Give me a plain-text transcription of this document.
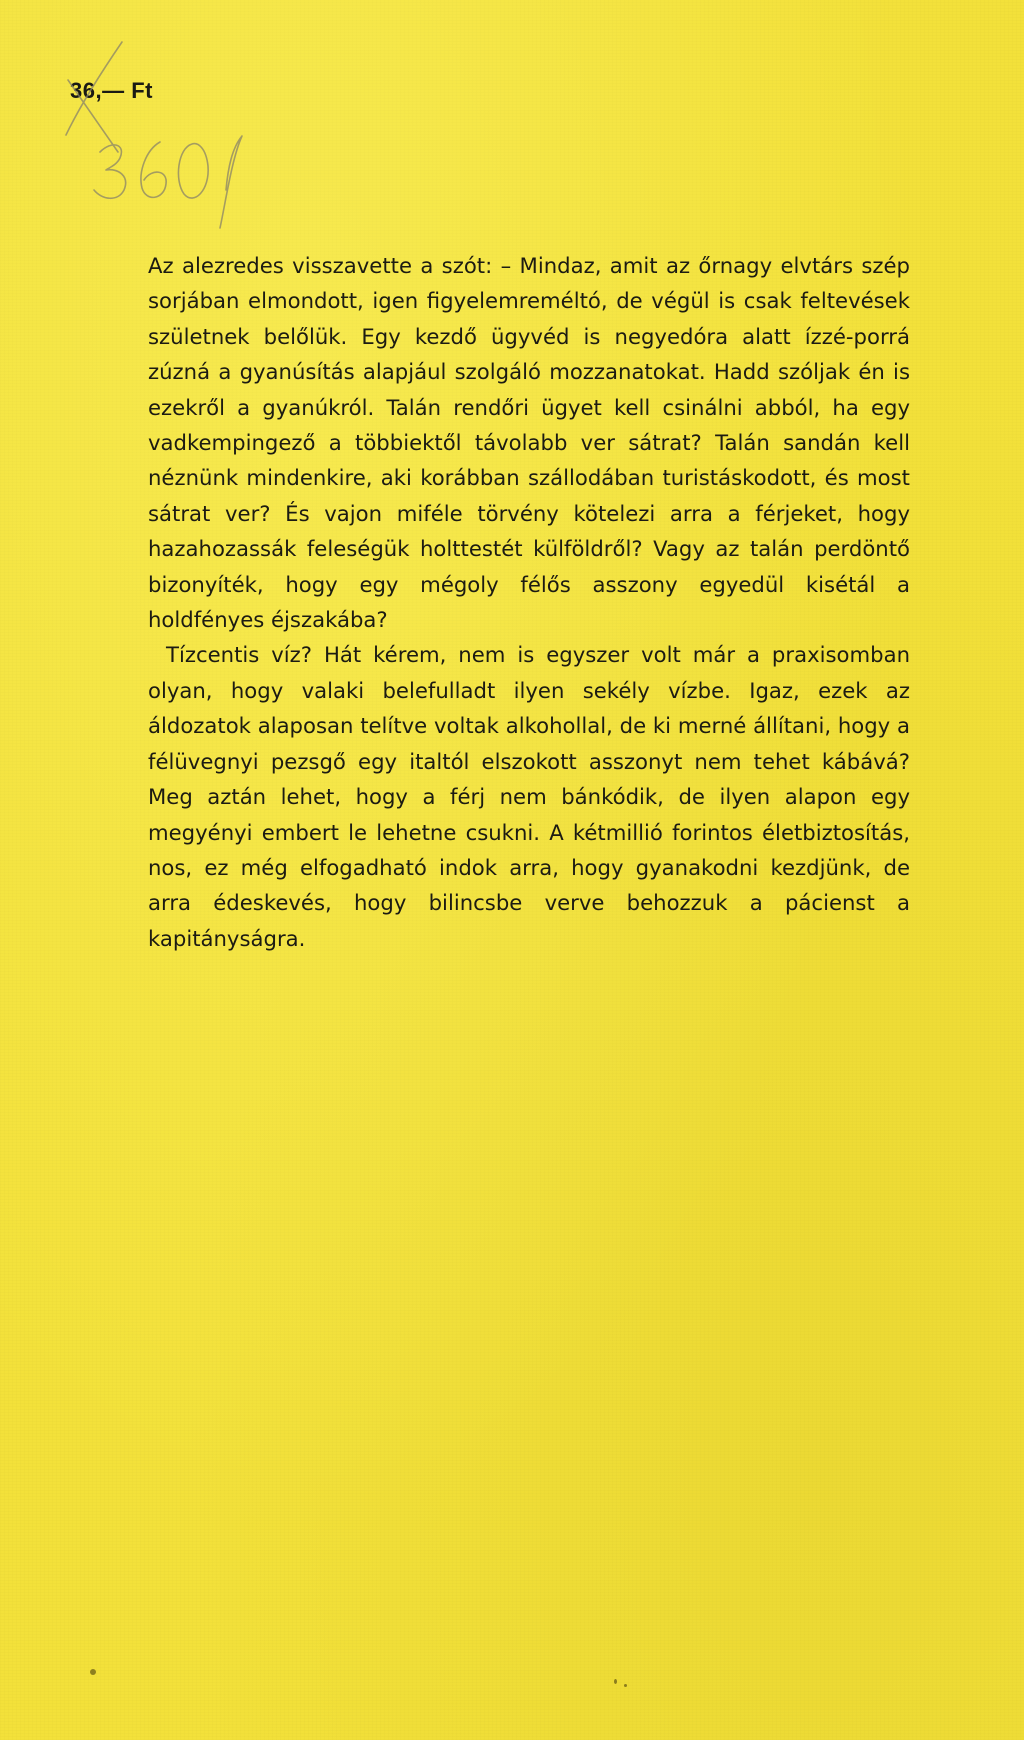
36,— Ft
360

Az alezredes visszavette a szót: – Mindaz, amit az őrnagy elvtárs szép sorjában elmondott, igen figyelemreméltó, de végül is csak feltevések születnek belőlük. Egy kezdő ügyvéd is negyedóra alatt ízzé-porrá zúzná a gyanúsítás alapjául szolgáló mozzanatokat. Hadd szóljak én is ezekről a gyanúkról. Talán rendőri ügyet kell csinálni abból, ha egy vadkempingező a többiektől távolabb ver sátrat? Talán sandán kell néznünk mindenkire, aki korábban szállodában turistáskodott, és most sátrat ver? És vajon miféle törvény kötelezi arra a férjeket, hogy hazahozassák feleségük holttestét külföldről? Vagy az talán perdöntő bizonyíték, hogy egy mégoly félős asszony egyedül kisétál a holdfényes éjszakába?

Tízcentis víz? Hát kérem, nem is egyszer volt már a praxisomban olyan, hogy valaki belefulladt ilyen sekély vízbe. Igaz, ezek az áldozatok alaposan telítve voltak alkohollal, de ki merné állítani, hogy a félüvegnyi pezsgő egy italtól elszokott asszonyt nem tehet kábává? Meg aztán lehet, hogy a férj nem bánkódik, de ilyen alapon egy megyényi embert le lehetne csukni. A kétmillió forintos életbiztosítás, nos, ez még elfogadható indok arra, hogy gyanakodni kezdjünk, de arra édeskevés, hogy bilincsbe verve behozzuk a pácienst a kapitányságra.
